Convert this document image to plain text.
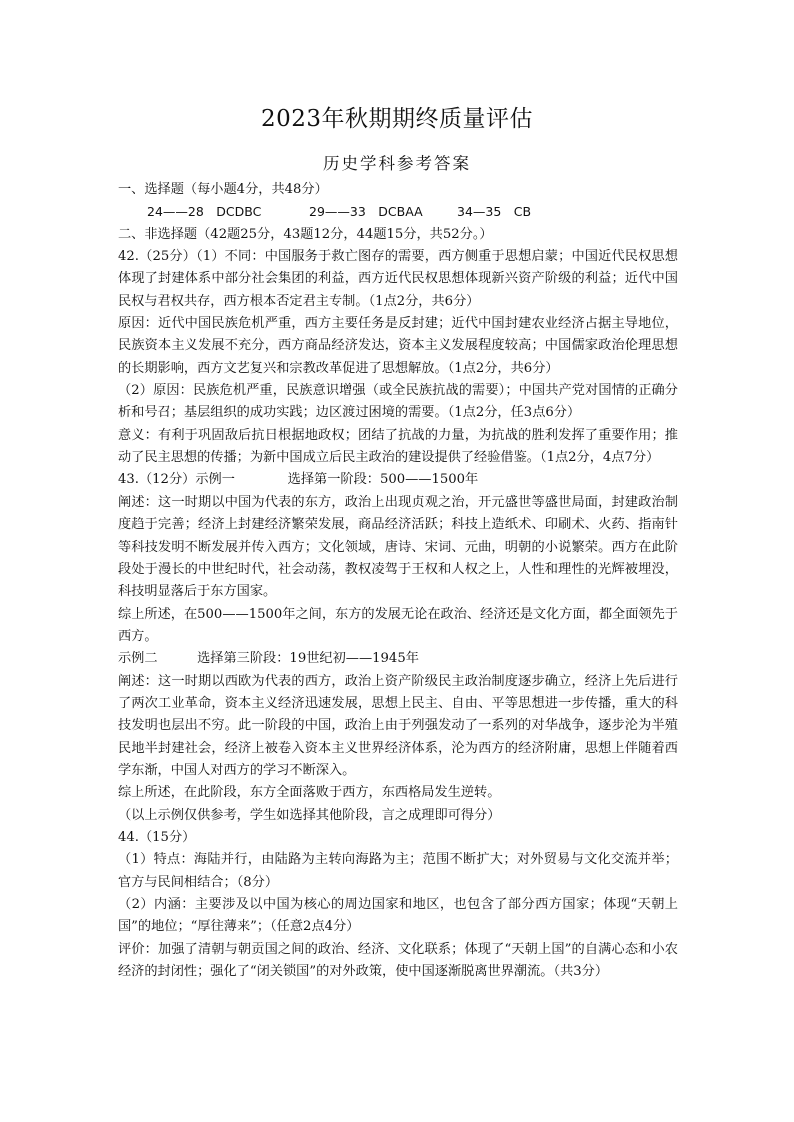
2023年秋期期终质量评估
历史学科参考答案

一、选择题（每小题4分，共48分）

24——28　DCDBC	29——33　DCBAA	34—35　CB

二、非选择题（42题25分，43题12分，44题15分，共52分。）

42.（25分）（1）不同：中国服务于救亡图存的需要，西方侧重于思想启蒙；中国近代民权思想体现了封建体系中部分社会集团的利益，西方近代民权思想体现新兴资产阶级的利益；近代中国民权与君权共存，西方根本否定君主专制。（1点2分，共6分）

原因：近代中国民族危机严重，西方主要任务是反封建；近代中国封建农业经济占据主导地位，民族资本主义发展不充分，西方商品经济发达，资本主义发展程度较高；中国儒家政治伦理思想的长期影响，西方文艺复兴和宗教改革促进了思想解放。（1点2分，共6分）

（2）原因：民族危机严重，民族意识增强（或全民族抗战的需要）；中国共产党对国情的正确分析和号召；基层组织的成功实践；边区渡过困境的需要。（1点2分，任3点6分）

意义：有利于巩固敌后抗日根据地政权；团结了抗战的力量，为抗战的胜利发挥了重要作用；推动了民主思想的传播；为新中国成立后民主政治的建设提供了经验借鉴。（1点2分，4点7分）

43.（12分）示例一　　　　选择第一阶段：500——1500年

阐述：这一时期以中国为代表的东方，政治上出现贞观之治，开元盛世等盛世局面，封建政治制度趋于完善；经济上封建经济繁荣发展，商品经济活跃；科技上造纸术、印刷术、火药、指南针等科技发明不断发展并传入西方；文化领域，唐诗、宋词、元曲，明朝的小说繁荣。西方在此阶段处于漫长的中世纪时代，社会动荡，教权凌驾于王权和人权之上，人性和理性的光辉被埋没，科技明显落后于东方国家。

综上所述，在500——1500年之间，东方的发展无论在政治、经济还是文化方面，都全面领先于西方。

示例二　　　选择第三阶段：19世纪初——1945年

阐述：这一时期以西欧为代表的西方，政治上资产阶级民主政治制度逐步确立，经济上先后进行了两次工业革命，资本主义经济迅速发展，思想上民主、自由、平等思想进一步传播，重大的科技发明也层出不穷。此一阶段的中国，政治上由于列强发动了一系列的对华战争，逐步沦为半殖民地半封建社会，经济上被卷入资本主义世界经济体系，沦为西方的经济附庸，思想上伴随着西学东渐，中国人对西方的学习不断深入。

综上所述，在此阶段，东方全面落败于西方，东西格局发生逆转。

（以上示例仅供参考，学生如选择其他阶段，言之成理即可得分）

44.（15分）

（1）特点：海陆并行，由陆路为主转向海路为主；范围不断扩大；对外贸易与文化交流并举；官方与民间相结合；（8分）

（2）内涵：主要涉及以中国为核心的周边国家和地区，也包含了部分西方国家；体现“天朝上国”的地位；“厚往薄来”；（任意2点4分）

评价：加强了清朝与朝贡国之间的政治、经济、文化联系；体现了“天朝上国”的自满心态和小农经济的封闭性；强化了“闭关锁国”的对外政策，使中国逐渐脱离世界潮流。（共3分）
